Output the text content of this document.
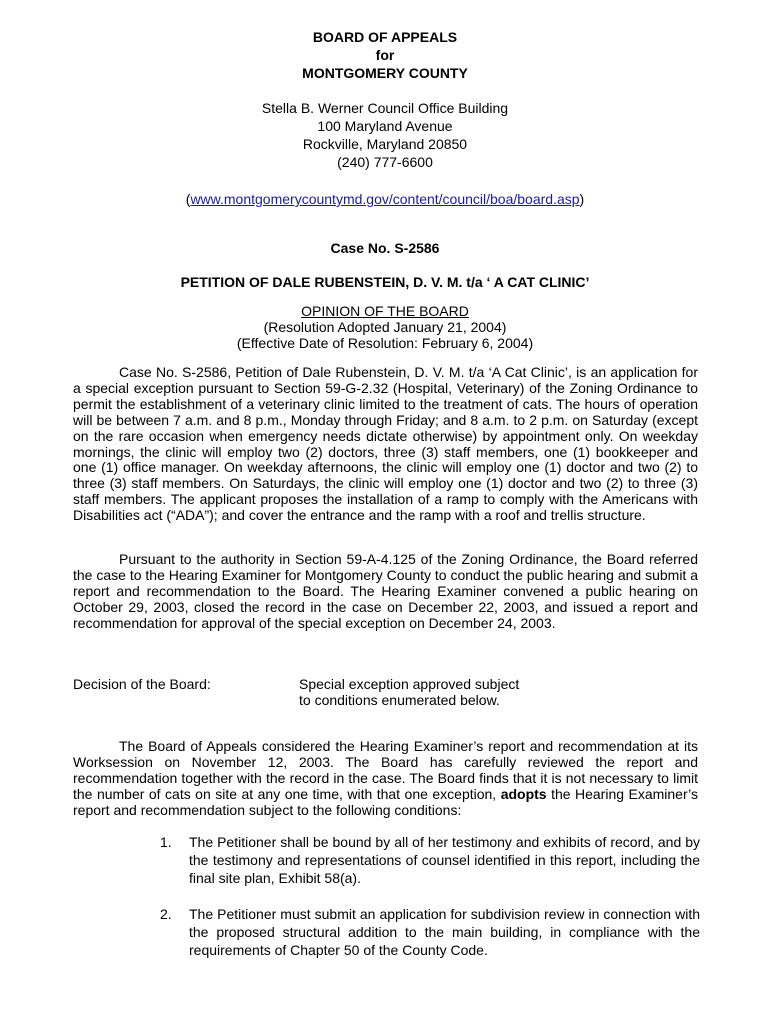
BOARD OF APPEALS
for
MONTGOMERY COUNTY
Stella B. Werner Council Office Building
100 Maryland Avenue
Rockville, Maryland 20850
(240) 777-6600
(www.montgomerycountymd.gov/content/council/boa/board.asp)
Case No. S-2586
PETITION OF DALE RUBENSTEIN, D. V. M. t/a ‘ A CAT CLINIC’
OPINION OF THE BOARD
(Resolution Adopted January 21, 2004)
(Effective Date of Resolution: February 6, 2004)

Case No. S-2586, Petition of Dale Rubenstein, D. V. M. t/a ‘A Cat Clinic’, is an application for a special exception pursuant to Section 59-G-2.32 (Hospital, Veterinary) of the Zoning Ordinance to permit the establishment of a veterinary clinic limited to the treatment of cats. The hours of operation will be between 7 a.m. and 8 p.m., Monday through Friday; and 8 a.m. to 2 p.m. on Saturday (except on the rare occasion when emergency needs dictate otherwise) by appointment only. On weekday mornings, the clinic will employ two (2) doctors, three (3) staff members, one (1) bookkeeper and one (1) office manager. On weekday afternoons, the clinic will employ one (1) doctor and two (2) to three (3) staff members. On Saturdays, the clinic will employ one (1) doctor and two (2) to three (3) staff members. The applicant proposes the installation of a ramp to comply with the Americans with Disabilities act (“ADA”); and cover the entrance and the ramp with a roof and trellis structure.

Pursuant to the authority in Section 59-A-4.125 of the Zoning Ordinance, the Board referred the case to the Hearing Examiner for Montgomery County to conduct the public hearing and submit a report and recommendation to the Board. The Hearing Examiner convened a public hearing on October 29, 2003, closed the record in the case on December 22, 2003, and issued a report and recommendation for approval of the special exception on December 24, 2003.

Decision of the Board:	Special exception approved subject
to conditions enumerated below.

The Board of Appeals considered the Hearing Examiner’s report and recommendation at its Worksession on November 12, 2003. The Board has carefully reviewed the report and recommendation together with the record in the case. The Board finds that it is not necessary to limit the number of cats on site at any one time, with that one exception, adopts the Hearing Examiner’s report and recommendation subject to the following conditions:

1. The Petitioner shall be bound by all of her testimony and exhibits of record, and by the testimony and representations of counsel identified in this report, including the final site plan, Exhibit 58(a).
2. The Petitioner must submit an application for subdivision review in connection with the proposed structural addition to the main building, in compliance with the requirements of Chapter 50 of the County Code.
